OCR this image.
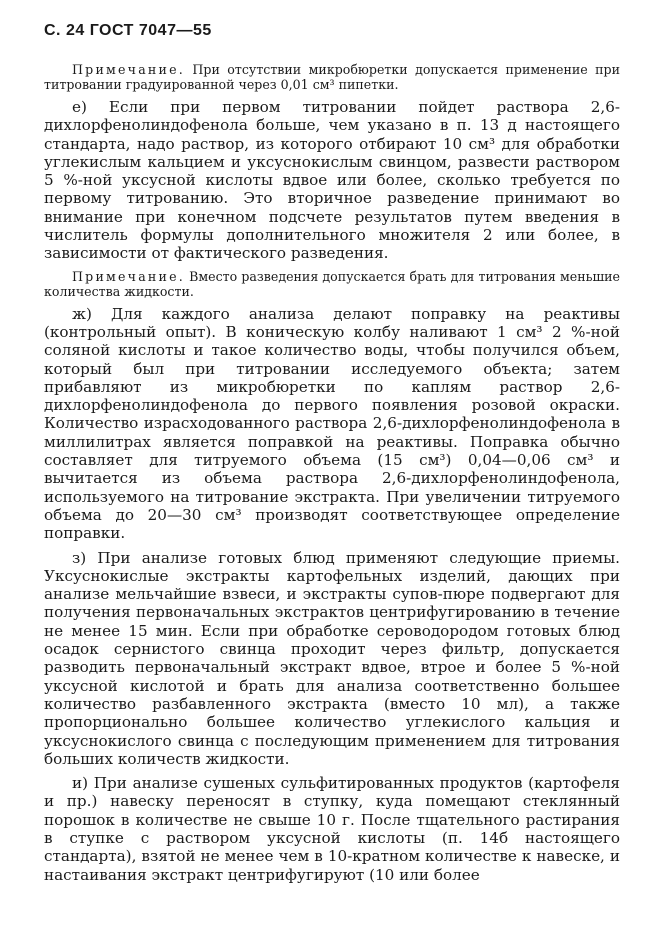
С. 24 ГОСТ 7047—55

Примечание. При отсутствии микробюретки допускается применение при титровании градуированной через 0,01 см³ пипетки.

е) Если при первом титровании пойдет раствора 2,6-дихлорфенолиндофенола больше, чем указано в п. 13 д настоящего стандарта, надо раствор, из которого отбирают 10 см³ для обработки углекислым кальцием и уксуснокислым свинцом, развести раствором 5 %-ной уксусной кислоты вдвое или более, сколько требуется по первому титрованию. Это вторичное разведение принимают во внимание при конечном подсчете результатов путем введения в числитель формулы дополнительного множителя 2 или более, в зависимости от фактического разведения.

Примечание. Вместо разведения допускается брать для титрования меньшие количества жидкости.

ж) Для каждого анализа делают поправку на реактивы (контрольный опыт). В коническую колбу наливают 1 см³ 2 %-ной соляной кислоты и такое количество воды, чтобы получился объем, который был при титровании исследуемого объекта; затем прибавляют из микробюретки по каплям раствор 2,6-дихлорфенолиндофенола до первого появления розовой окраски. Количество израсходованного раствора 2,6-дихлорфенолиндофенола в миллилитрах является поправкой на реактивы. Поправка обычно составляет для титруемого объема (15 см³) 0,04—0,06 см³ и вычитается из объема раствора 2,6-дихлорфенолиндофенола, используемого на титрование экстракта. При увеличении титруемого объема до 20—30 см³ производят соответствующее определение поправки.

з) При анализе готовых блюд применяют следующие приемы. Уксуснокислые экстракты картофельных изделий, дающих при анализе мельчайшие взвеси, и экстракты супов-пюре подвергают для получения первоначальных экстрактов центрифугированию в течение не менее 15 мин. Если при обработке сероводородом готовых блюд осадок сернистого свинца проходит через фильтр, допускается разводить первоначальный экстракт вдвое, втрое и более 5 %-ной уксусной кислотой и брать для анализа соответственно большее количество разбавленного экстракта (вместо 10 мл), а также пропорционально большее количество углекислого кальция и уксуснокислого свинца с последующим применением для титрования больших количеств жидкости.

и) При анализе сушеных сульфитированных продуктов (картофеля и пр.) навеску переносят в ступку, куда помещают стеклянный порошок в количестве не свыше 10 г. После тщательного растирания в ступке с раствором уксусной кислоты (п. 14б настоящего стандарта), взятой не менее чем в 10-кратном количестве к навеске, и настаивания экстракт центрифугируют (10 или более
